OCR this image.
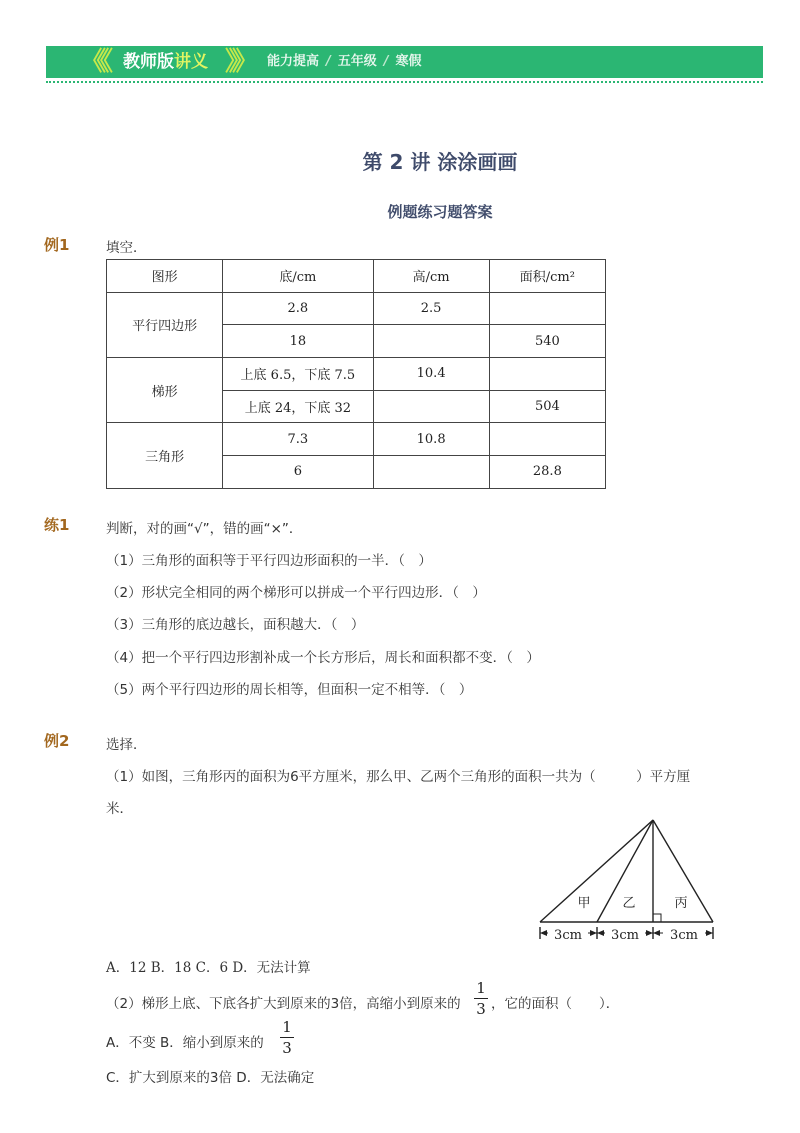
《《 教师版讲义 》》 能力提高 / 五年级 / 寒假
第 2 讲 涂涂画画
例题练习题答案
例1	填空．
图形	底/cm	高/cm	面积/cm²
平行四边形	2.8	2.5	
	18		540
梯形	上底 6.5，下底 7.5	10.4	
	上底 24，下底 32		504
三角形	7.3	10.8	
	6		28.8
练1	判断，对的画“√”，错的画“×”．
（1）三角形的面积等于平行四边形面积的一半．（　）
（2）形状完全相同的两个梯形可以拼成一个平行四边形．（　）
（3）三角形的底边越长，面积越大．（　）
（4）把一个平行四边形割补成一个长方形后，周长和面积都不变．（　）
（5）两个平行四边形的周长相等，但面积一定不相等．（　）
例2	选择．
（1）如图，三角形丙的面积为6平方厘米，那么甲、乙两个三角形的面积一共为（　　　）平方厘
米．
甲 乙	丙
3cm 3cm 3cm
A．12 B．18 C．6 D．无法计算
（2）梯形上底、下底各扩大到原来的3倍，高缩小到原来的
1
3 ，它的面积（　　）．
A．不变 B．缩小到原来的
1
3
C．扩大到原来的3倍 D．无法确定
